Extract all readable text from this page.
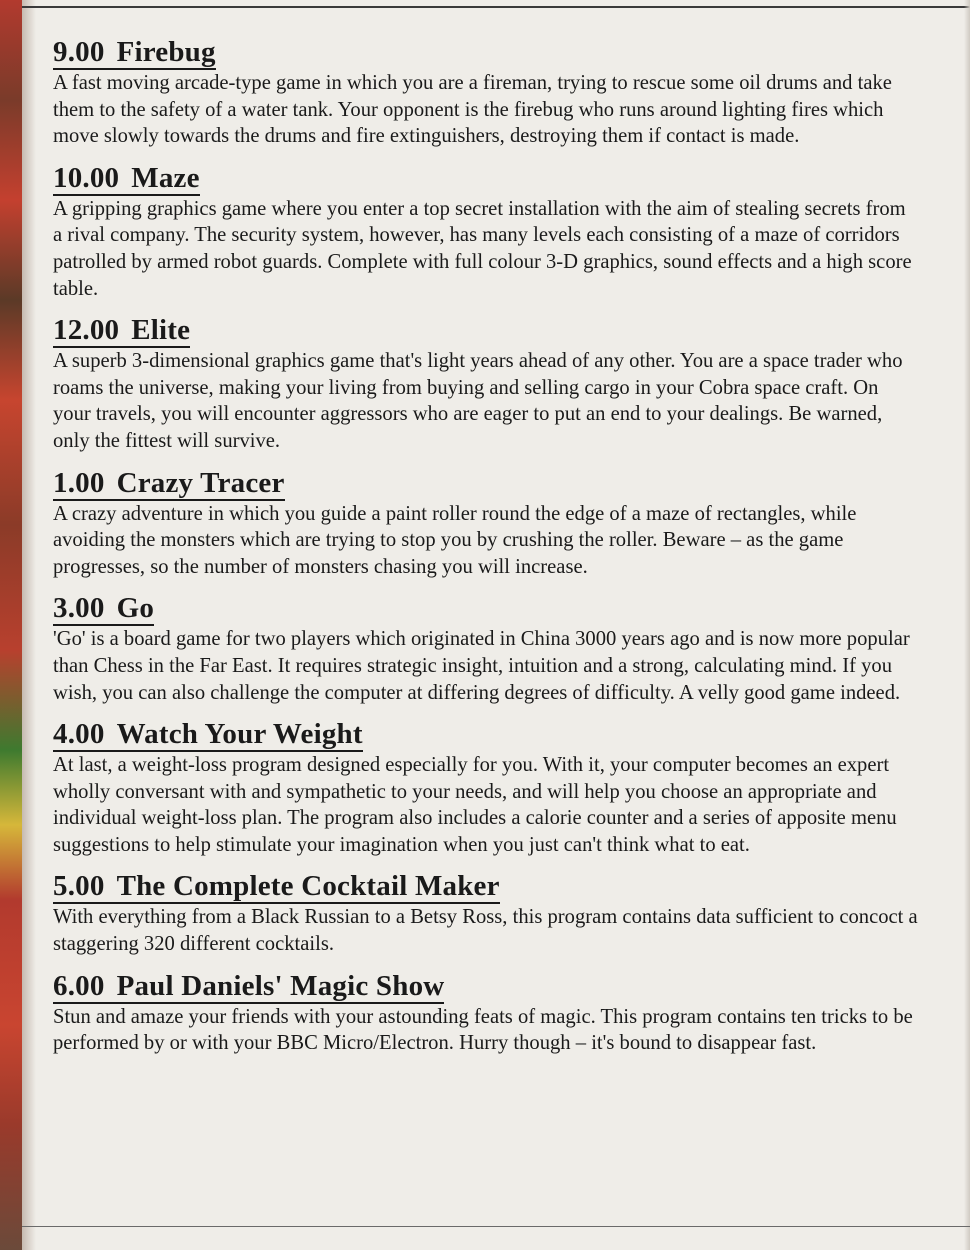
9.00 Firebug

A fast moving arcade-type game in which you are a fireman, trying to rescue some oil drums and take them to the safety of a water tank. Your opponent is the firebug who runs around lighting fires which move slowly towards the drums and fire extinguishers, destroying them if contact is made.

10.00 Maze

A gripping graphics game where you enter a top secret installation with the aim of stealing secrets from a rival company. The security system, however, has many levels each consisting of a maze of corridors patrolled by armed robot guards. Complete with full colour 3-D graphics, sound effects and a high score table.

12.00 Elite

A superb 3-dimensional graphics game that's light years ahead of any other. You are a space trader who roams the universe, making your living from buying and selling cargo in your Cobra space craft. On your travels, you will encounter aggressors who are eager to put an end to your dealings. Be warned, only the fittest will survive.

1.00 Crazy Tracer

A crazy adventure in which you guide a paint roller round the edge of a maze of rectangles, while avoiding the monsters which are trying to stop you by crushing the roller. Beware – as the game progresses, so the number of monsters chasing you will increase.

3.00 Go

'Go' is a board game for two players which originated in China 3000 years ago and is now more popular than Chess in the Far East. It requires strategic insight, intuition and a strong, calculating mind. If you wish, you can also challenge the computer at differing degrees of difficulty. A velly good game indeed.

4.00 Watch Your Weight

At last, a weight-loss program designed especially for you. With it, your computer becomes an expert wholly conversant with and sympathetic to your needs, and will help you choose an appropriate and individual weight-loss plan. The program also includes a calorie counter and a series of apposite menu suggestions to help stimulate your imagination when you just can't think what to eat.

5.00 The Complete Cocktail Maker

With everything from a Black Russian to a Betsy Ross, this program contains data sufficient to concoct a staggering 320 different cocktails.

6.00 Paul Daniels' Magic Show

Stun and amaze your friends with your astounding feats of magic. This program contains ten tricks to be performed by or with your BBC Micro/Electron. Hurry though – it's bound to disappear fast.
